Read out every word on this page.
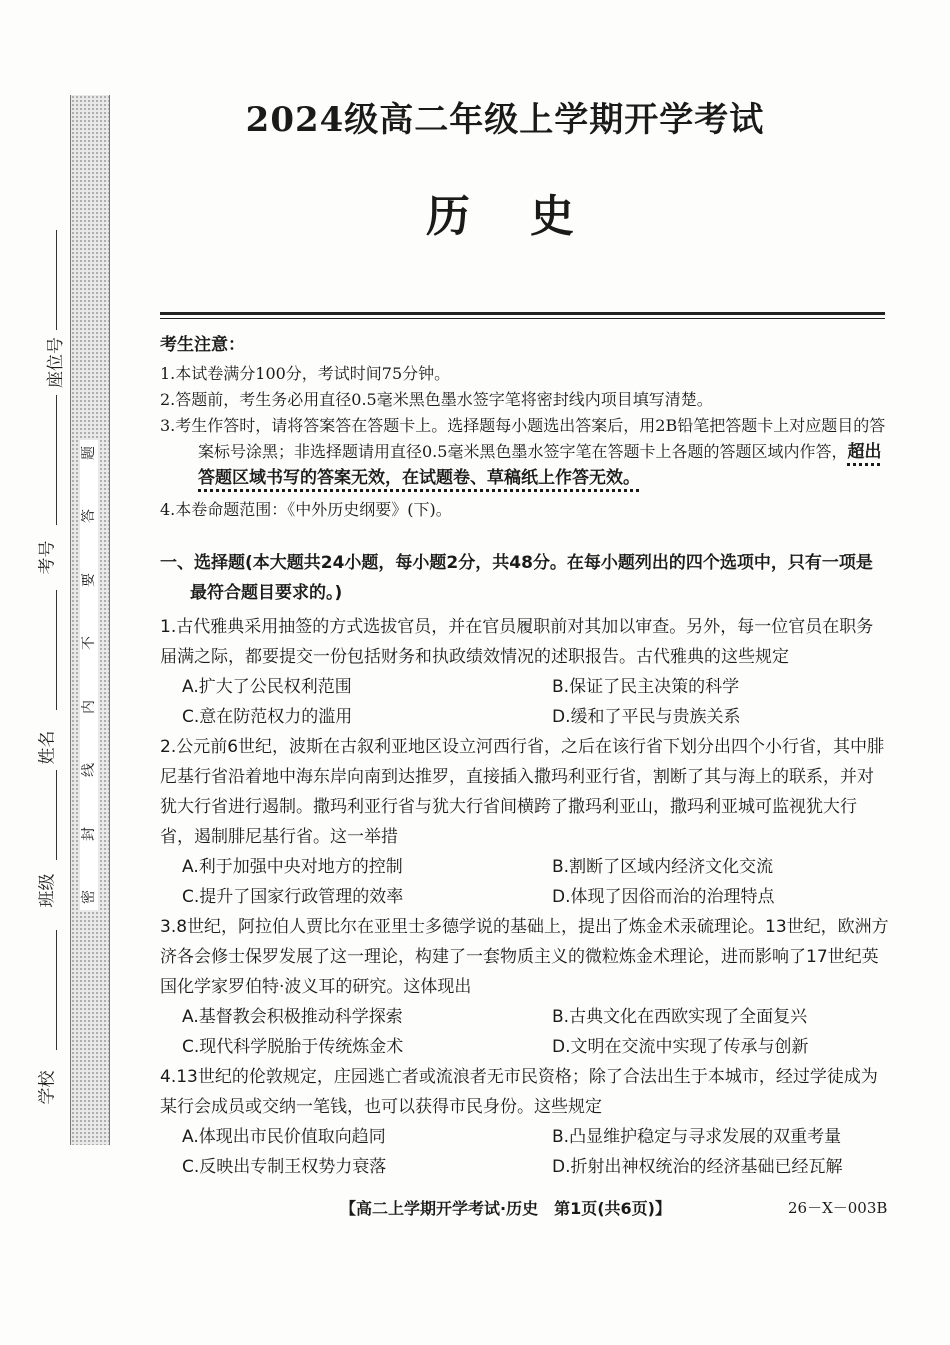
题
答
要
不
内
线
封
密
座位号
考号
姓名
班级
学校
2024级高二年级上学期开学考试
历史
考生注意：
1.本试卷满分100分，考试时间75分钟。
2.答题前，考生务必用直径0.5毫米黑色墨水签字笔将密封线内项目填写清楚。
3.考生作答时，请将答案答在答题卡上。选择题每小题选出答案后，用2B铅笔把答题卡上对应题目的答案标号涂黑；非选择题请用直径0.5毫米黑色墨水签字笔在答题卡上各题的答题区域内作答，超出答题区域书写的答案无效，在试题卷、草稿纸上作答无效。
4.本卷命题范围：《中外历史纲要》(下)。
一、选择题(本大题共24小题，每小题2分，共48分。在每小题列出的四个选项中，只有一项是
最符合题目要求的。)
1.古代雅典采用抽签的方式选拔官员，并在官员履职前对其加以审查。另外，每一位官员在职务届满之际，都要提交一份包括财务和执政绩效情况的述职报告。古代雅典的这些规定
A.扩大了公民权利范围	B.保证了民主决策的科学
C.意在防范权力的滥用	D.缓和了平民与贵族关系
2.公元前6世纪，波斯在古叙利亚地区设立河西行省，之后在该行省下划分出四个小行省，其中腓尼基行省沿着地中海东岸向南到达推罗，直接插入撒玛利亚行省，割断了其与海上的联系，并对犹大行省进行遏制。撒玛利亚行省与犹大行省间横跨了撒玛利亚山，撒玛利亚城可监视犹大行省，遏制腓尼基行省。这一举措
A.利于加强中央对地方的控制	B.割断了区域内经济文化交流
C.提升了国家行政管理的效率	D.体现了因俗而治的治理特点
3.8世纪，阿拉伯人贾比尔在亚里士多德学说的基础上，提出了炼金术汞硫理论。13世纪，欧洲方济各会修士保罗发展了这一理论，构建了一套物质主义的微粒炼金术理论，进而影响了17世纪英国化学家罗伯特·波义耳的研究。这体现出
A.基督教会积极推动科学探索	B.古典文化在西欧实现了全面复兴
C.现代科学脱胎于传统炼金术	D.文明在交流中实现了传承与创新
4.13世纪的伦敦规定，庄园逃亡者或流浪者无市民资格；除了合法出生于本城市，经过学徒成为某行会成员或交纳一笔钱，也可以获得市民身份。这些规定
A.体现出市民价值取向趋同	B.凸显维护稳定与寻求发展的双重考量
C.反映出专制王权势力衰落	D.折射出神权统治的经济基础已经瓦解
【高二上学期开学考试·历史　第1页(共6页)】	26－X－003B
